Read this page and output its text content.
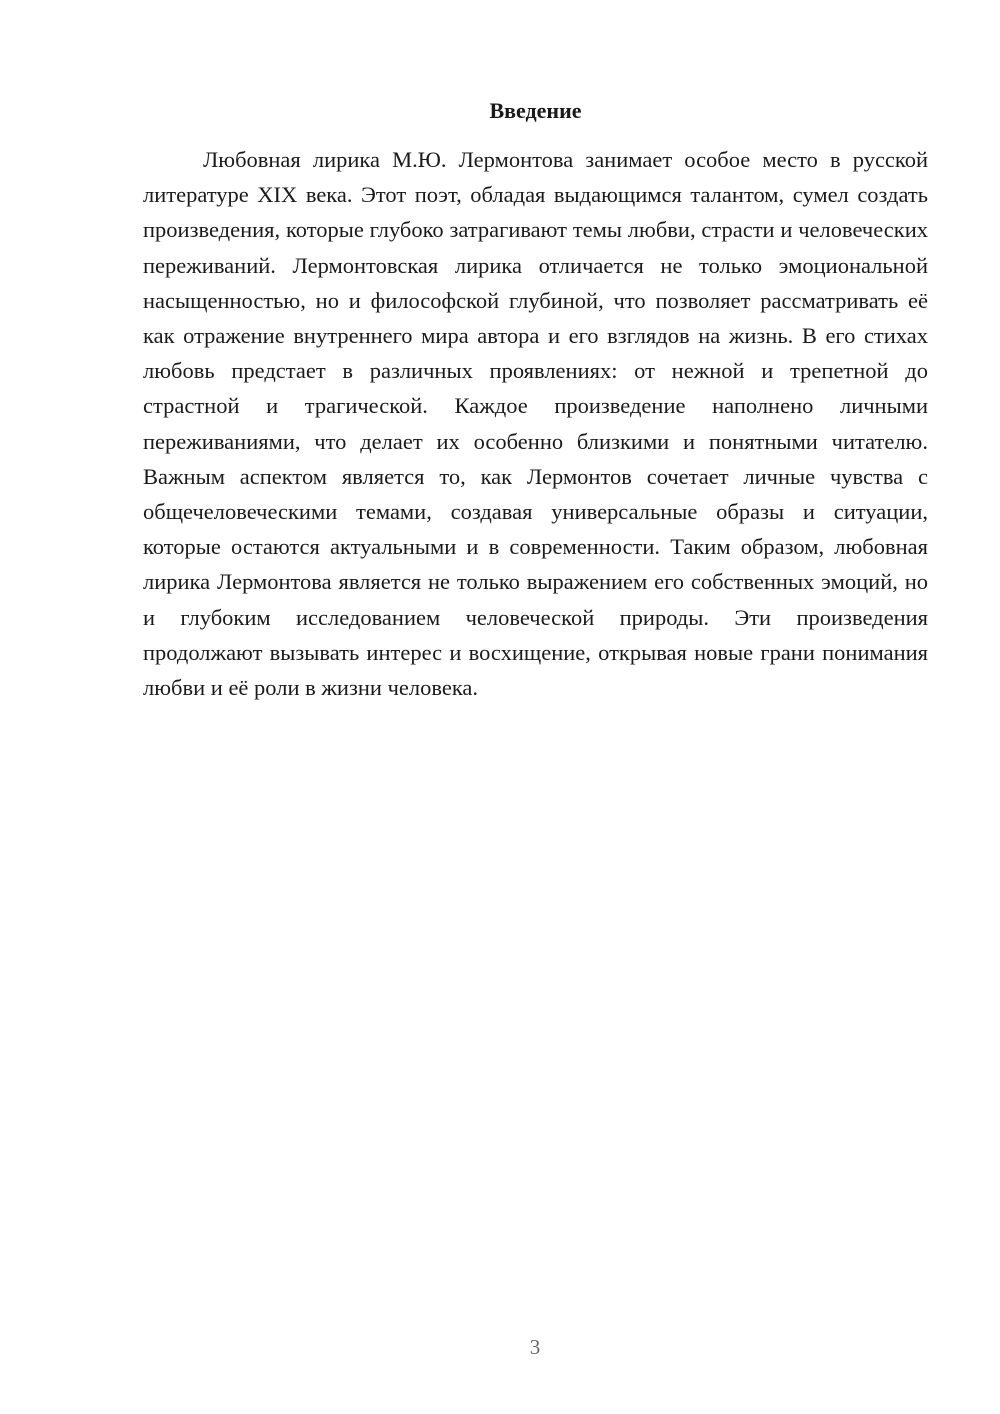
Введение

Любовная лирика М.Ю. Лермонтова занимает особое место в русской литературе XIX века. Этот поэт, обладая выдающимся талантом, сумел создать произведения, которые глубоко затрагивают темы любви, страсти и человеческих переживаний. Лермонтовская лирика отличается не только эмоциональной насыщенностью, но и философской глубиной, что позволяет рассматривать её как отражение внутреннего мира автора и его взглядов на жизнь. В его стихах любовь предстает в различных проявлениях: от нежной и трепетной до страстной и трагической. Каждое произведение наполнено личными переживаниями, что делает их особенно близкими и понятными читателю. Важным аспектом является то, как Лермонтов сочетает личные чувства с общечеловеческими темами, создавая универсальные образы и ситуации, которые остаются актуальными и в современности. Таким образом, любовная лирика Лермонтова является не только выражением его собственных эмоций, но и глубоким исследованием человеческой природы. Эти произведения продолжают вызывать интерес и восхищение, открывая новые грани понимания любви и её роли в жизни человека.

3
